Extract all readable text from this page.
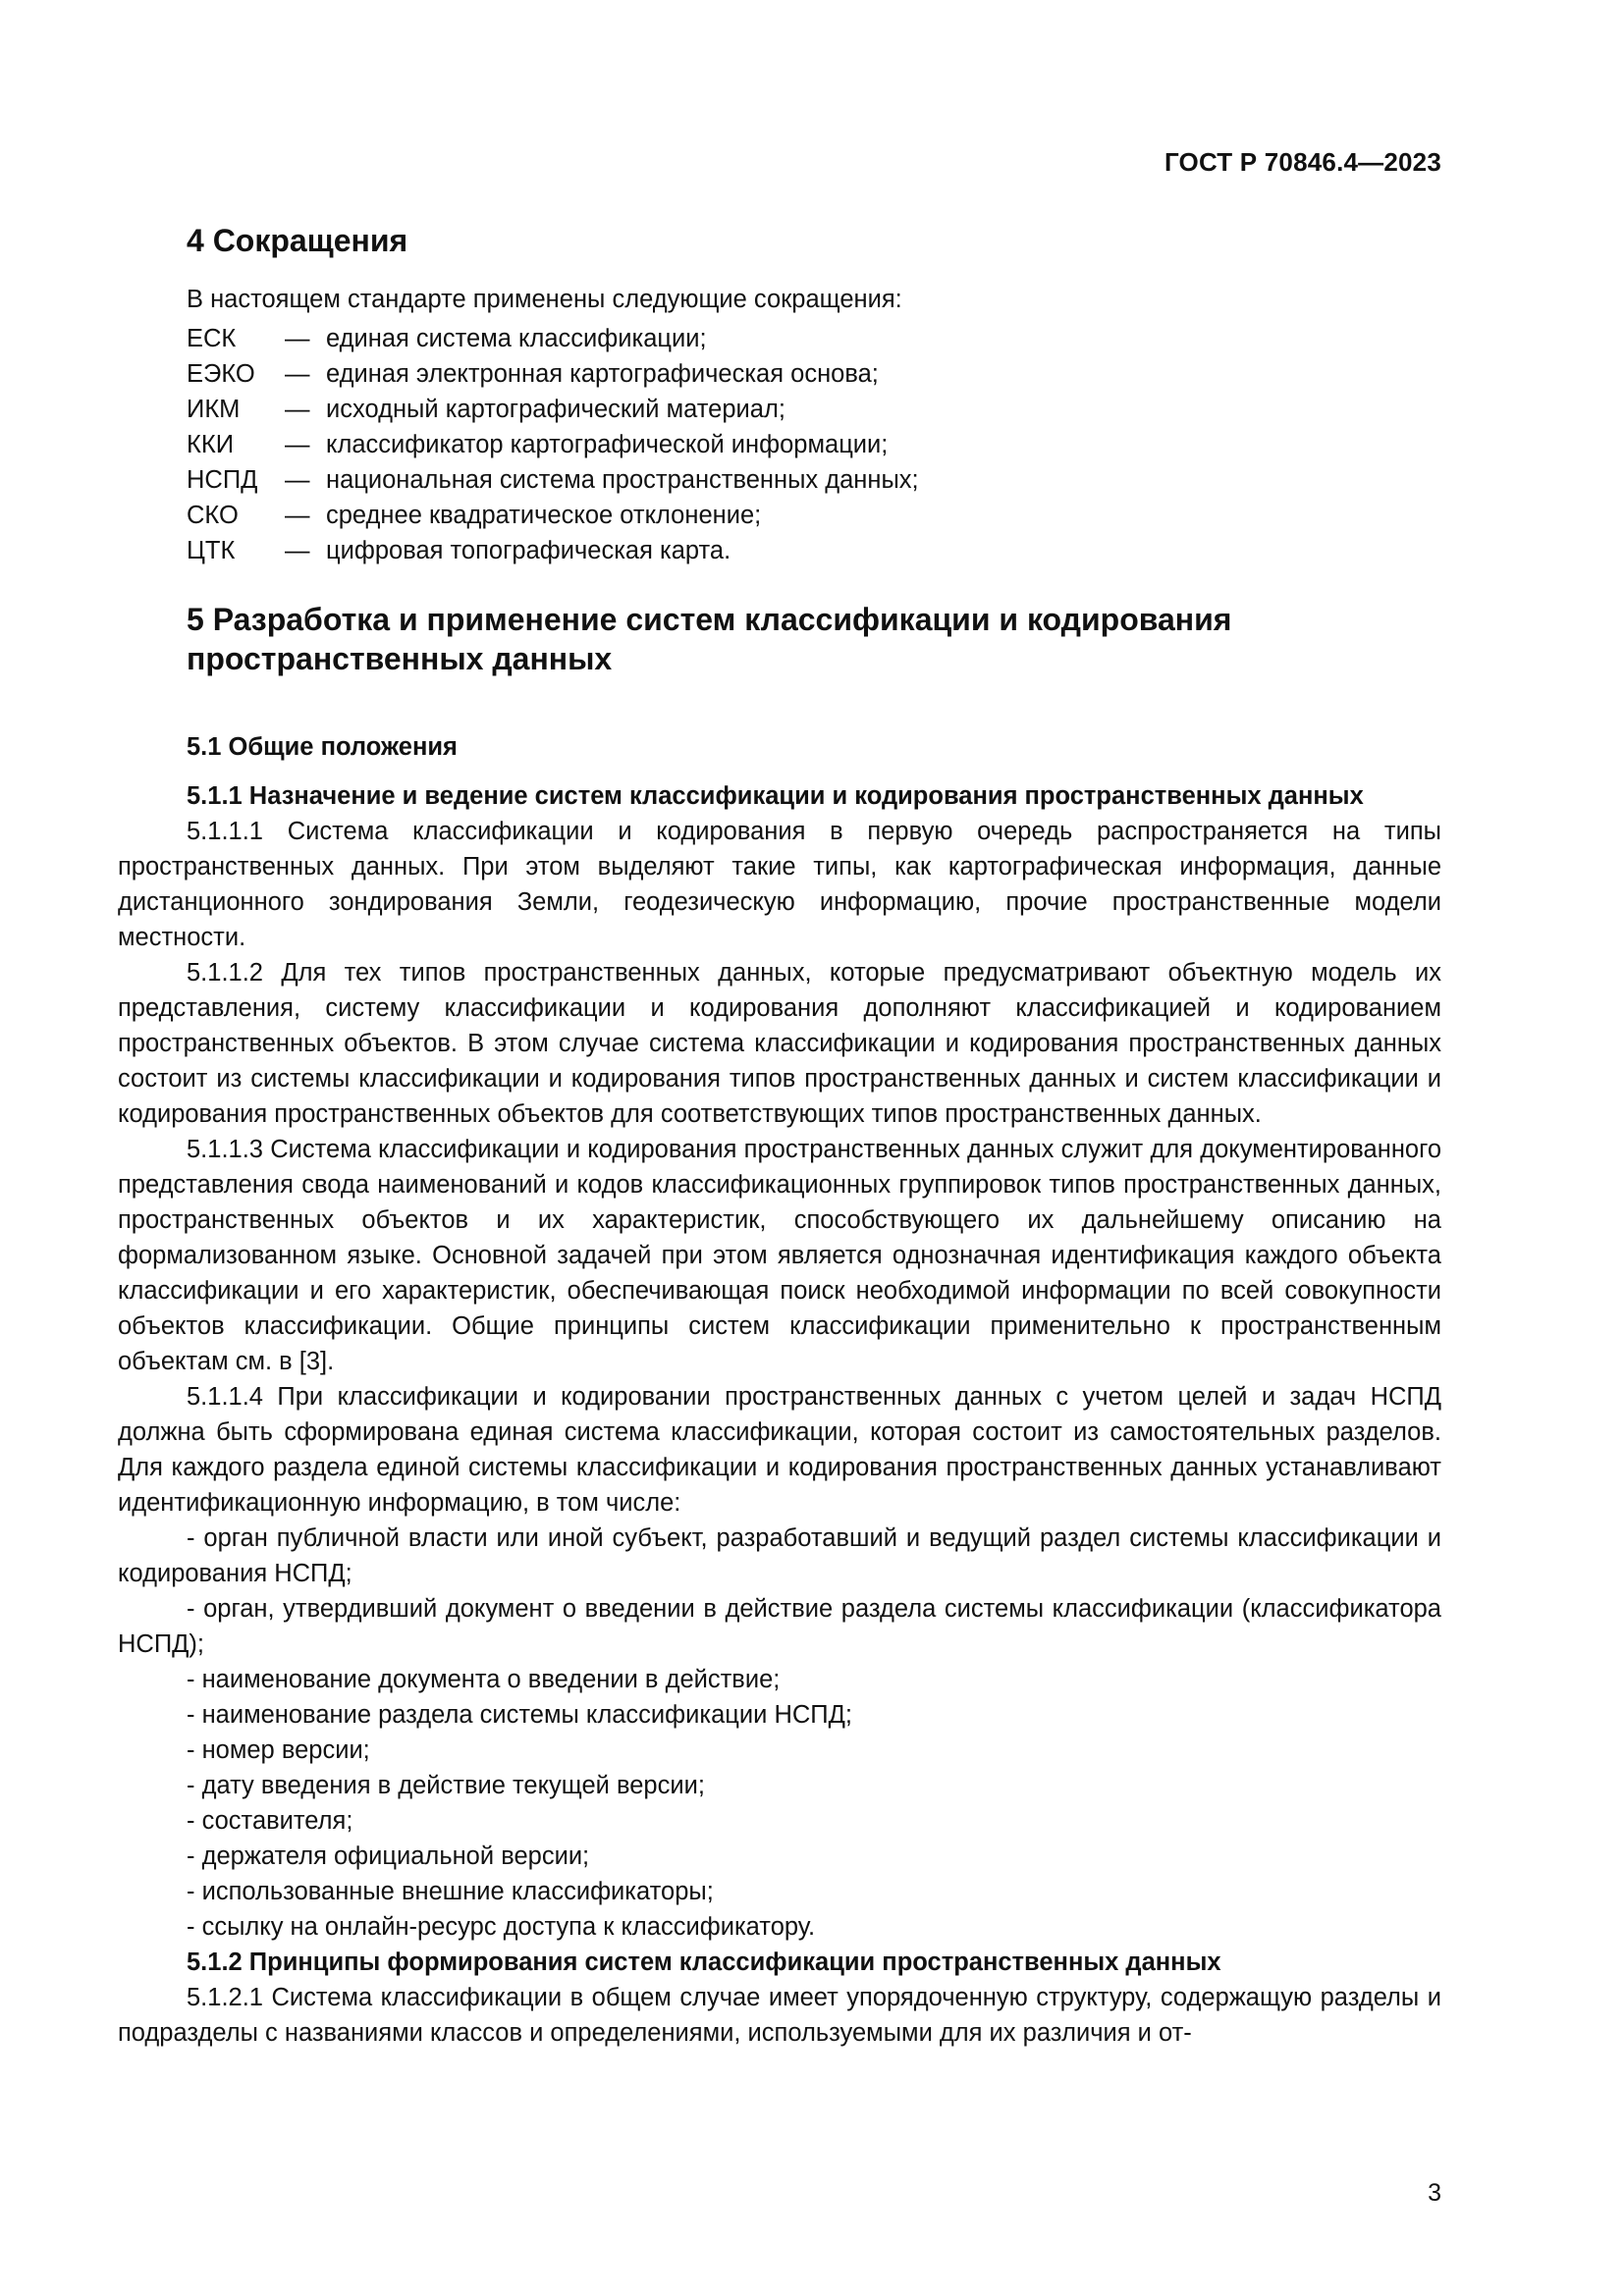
ГОСТ Р 70846.4—2023
4 Сокращения
В настоящем стандарте применены следующие сокращения:
ЕСК	— единая система классификации;
ЕЭКО	— единая электронная картографическая основа;
ИКМ	— исходный картографический материал;
ККИ	— классификатор картографической информации;
НСПД	— национальная система пространственных данных;
СКО	— среднее квадратическое отклонение;
ЦТК	— цифровая топографическая карта.
5 Разработка и применение систем классификации и кодирования пространственных данных
5.1 Общие положения
5.1.1 Назначение и ведение систем классификации и кодирования пространственных данных

5.1.1.1 Система классификации и кодирования в первую очередь распространяется на типы пространственных данных. При этом выделяют такие типы, как картографическая информация, данные дистанционного зондирования Земли, геодезическую информацию, прочие пространственные модели местности.

5.1.1.2 Для тех типов пространственных данных, которые предусматривают объектную модель их представления, систему классификации и кодирования дополняют классификацией и кодированием пространственных объектов. В этом случае система классификации и кодирования пространственных данных состоит из системы классификации и кодирования типов пространственных данных и систем классификации и кодирования пространственных объектов для соответствующих типов пространственных данных.

5.1.1.3 Система классификации и кодирования пространственных данных служит для документированного представления свода наименований и кодов классификационных группировок типов пространственных данных, пространственных объектов и их характеристик, способствующего их дальнейшему описанию на формализованном языке. Основной задачей при этом является однозначная идентификация каждого объекта классификации и его характеристик, обеспечивающая поиск необходимой информации по всей совокупности объектов классификации. Общие принципы систем классификации применительно к пространственным объектам см. в [3].

5.1.1.4 При классификации и кодировании пространственных данных с учетом целей и задач НСПД должна быть сформирована единая система классификации, которая состоит из самостоятельных разделов. Для каждого раздела единой системы классификации и кодирования пространственных данных устанавливают идентификационную информацию, в том числе:

- орган публичной власти или иной субъект, разработавший и ведущий раздел системы классификации и кодирования НСПД;

- орган, утвердивший документ о введении в действие раздела системы классификации (классификатора НСПД);

- наименование документа о введении в действие;

- наименование раздела системы классификации НСПД;

- номер версии;

- дату введения в действие текущей версии;

- составителя;

- держателя официальной версии;

- использованные внешние классификаторы;

- ссылку на онлайн-ресурс доступа к классификатору.

5.1.2 Принципы формирования систем классификации пространственных данных

5.1.2.1 Система классификации в общем случае имеет упорядоченную структуру, содержащую разделы и подразделы с названиями классов и определениями, используемыми для их различия и от-

3
